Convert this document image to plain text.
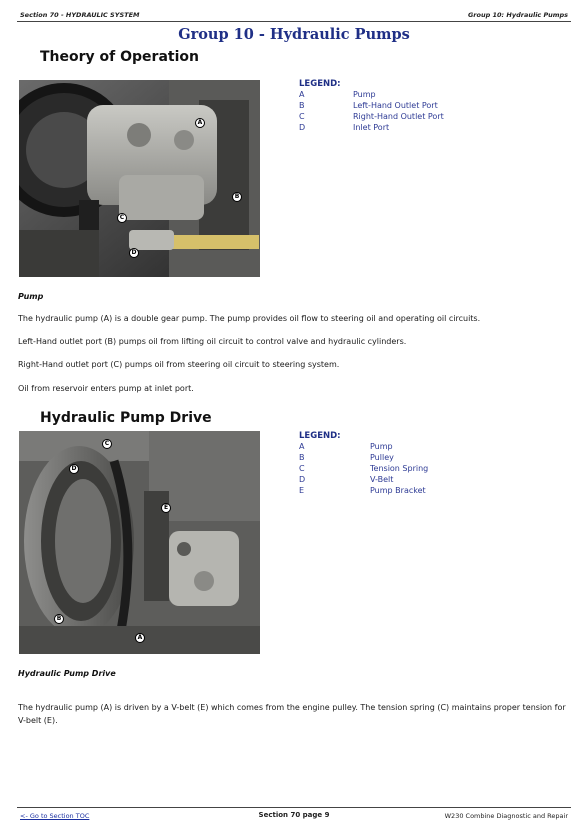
Section 70 - HYDRAULIC SYSTEM	Group 10: Hydraulic Pumps
Group 10 - Hydraulic Pumps
Theory of Operation
A
B
C
D
LEGEND:
A	Pump
B	Left-Hand Outlet Port
C	Right-Hand Outlet Port
D	Inlet Port
Pump
The hydraulic pump (A) is a double gear pump. The pump provides oil flow to steering oil and operating oil circuits.
Left-Hand outlet port (B) pumps oil from lifting oil circuit to control valve and hydraulic cylinders.
Right-Hand outlet port (C) pumps oil from steering oil circuit to steering system.
Oil from reservoir enters pump at inlet port.
Hydraulic Pump Drive
C
D
E
B
A
LEGEND:
A	Pump
B	Pulley
C	Tension Spring
D	V-Belt
E	Pump Bracket
Hydraulic Pump Drive
The hydraulic pump (A) is driven by a V-belt (E) which comes from the engine pulley. The tension spring (C) maintains proper tension for V-belt (E).
<- Go to Section TOC	Section 70 page 9	W230 Combine Diagnostic and Repair
